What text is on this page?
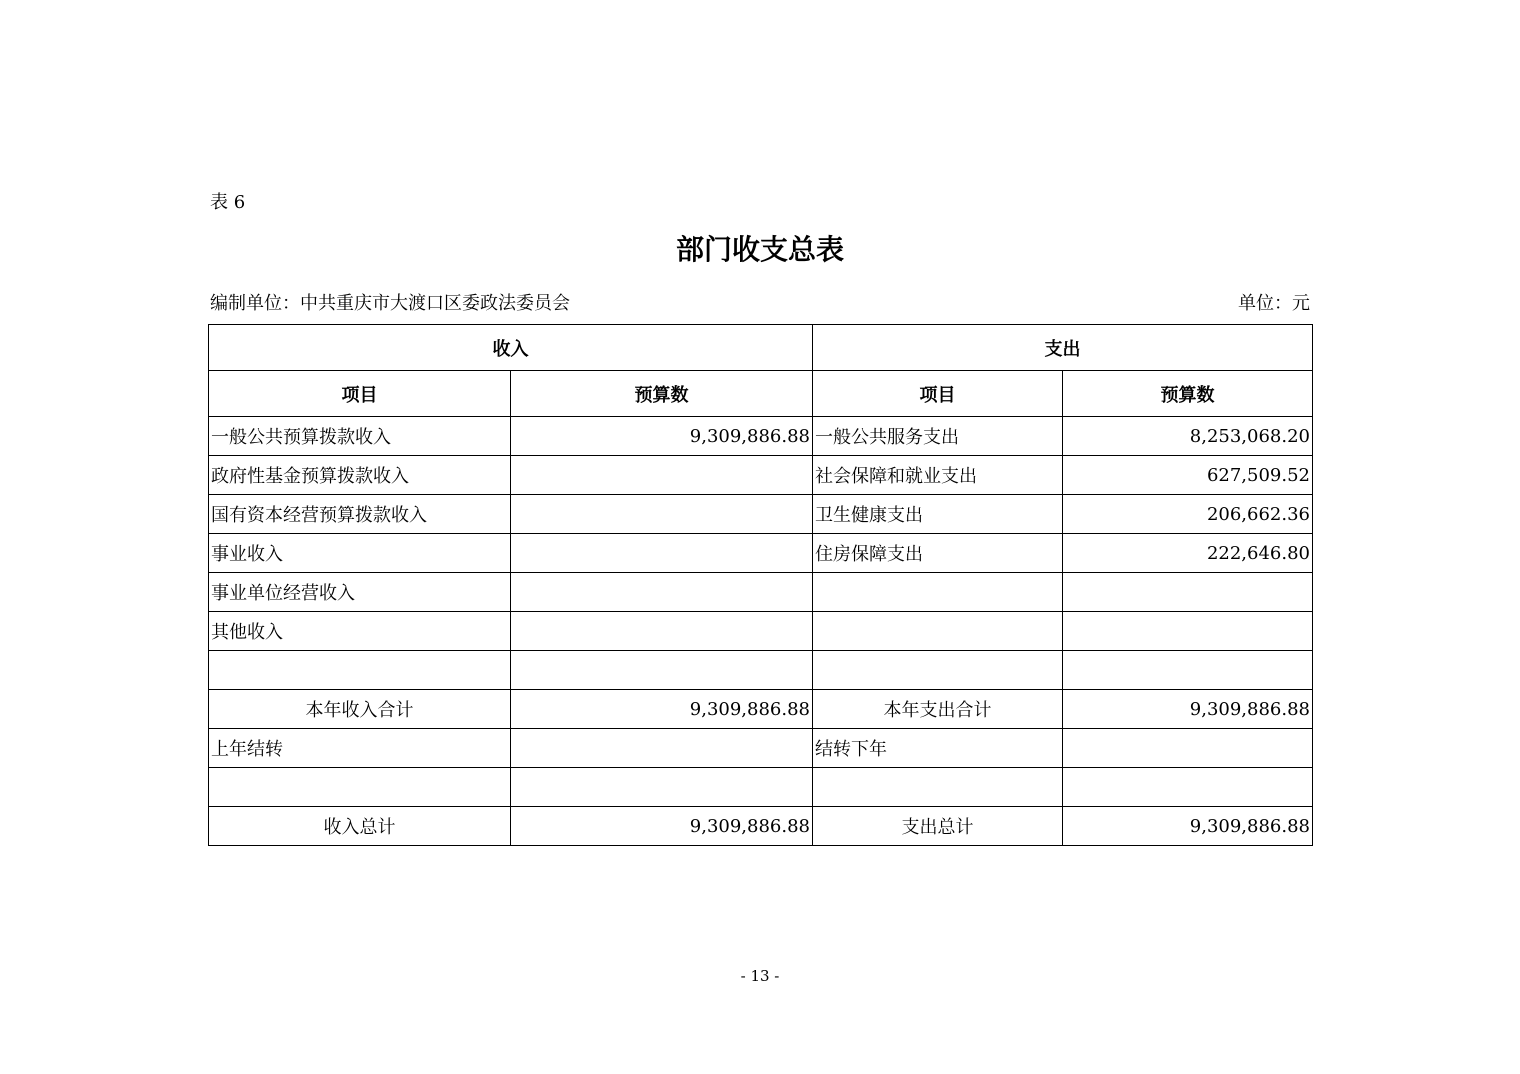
表 6
部门收支总表
编制单位：中共重庆市大渡口区委政法委员会	单位：元
收入		支出	
项目	预算数	项目	预算数
一般公共预算拨款收入	9,309,886.88	一般公共服务支出	8,253,068.20
政府性基金预算拨款收入		社会保障和就业支出	627,509.52
国有资本经营预算拨款收入		卫生健康支出	206,662.36
事业收入		住房保障支出	222,646.80
事业单位经营收入			
其他收入			

本年收入合计	9,309,886.88	本年支出合计	9,309,886.88
上年结转		结转下年	

收入总计	9,309,886.88	支出总计	9,309,886.88
- 13 -
